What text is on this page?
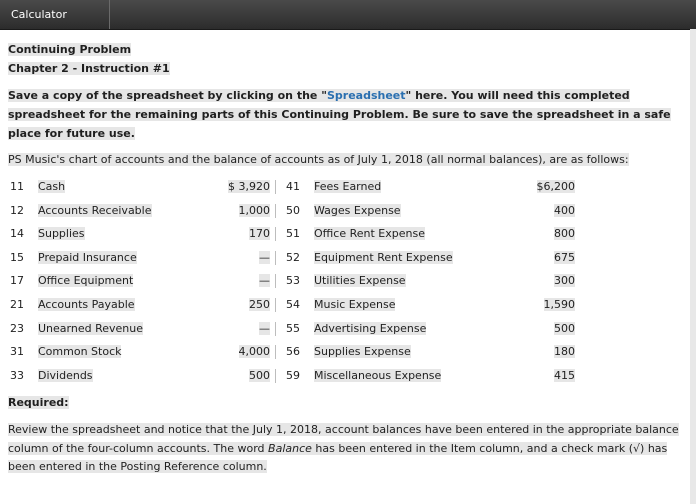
Calculator
Continuing Problem
Chapter 2 - Instruction #1
Save a copy of the spreadsheet by clicking on the "Spreadsheet" here. You will need this completed spreadsheet for the remaining parts of this Continuing Problem. Be sure to save the spreadsheet in a safe place for future use.
PS Music's chart of accounts and the balance of accounts as of July 1, 2018 (all normal balances), are as follows:
11	Cash	$ 3,920 41	Fees Earned	$6,200
12	Accounts Receivable	1,000 50	Wages Expense	400
14	Supplies	170 51	Office Rent Expense	800
15	Prepaid Insurance	— 52	Equipment Rent Expense	675
17	Office Equipment	— 53	Utilities Expense	300
21	Accounts Payable	250 54	Music Expense	1,590
23	Unearned Revenue	— 55	Advertising Expense	500
31	Common Stock	4,000 56	Supplies Expense	180
33	Dividends	500 59	Miscellaneous Expense	415
Required:
Review the spreadsheet and notice that the July 1, 2018, account balances have been entered in the appropriate balance column of the four-column accounts. The word Balance has been entered in the Item column, and a check mark (√) has been entered in the Posting Reference column.
